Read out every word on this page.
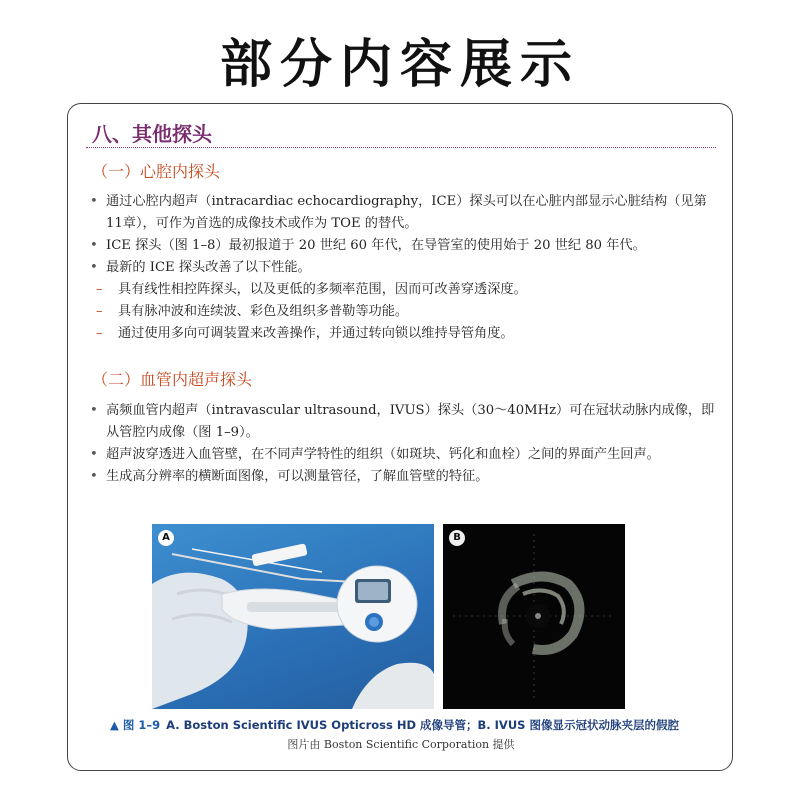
部分内容展示
八、其他探头
（一）心腔内探头
• 通过心腔内超声（intracardiac echocardiography，ICE）探头可以在心脏内部显示心脏结构（见第11章），可作为首选的成像技术或作为 TOE 的替代。
• ICE 探头（图 1–8）最初报道于 20 世纪 60 年代，在导管室的使用始于 20 世纪 80 年代。
• 最新的 ICE 探头改善了以下性能。
– 具有线性相控阵探头，以及更低的多频率范围，因而可改善穿透深度。
– 具有脉冲波和连续波、彩色及组织多普勒等功能。
– 通过使用多向可调装置来改善操作，并通过转向锁以维持导管角度。
（二）血管内超声探头
• 高频血管内超声（intravascular ultrasound，IVUS）探头（30～40MHz）可在冠状动脉内成像，即从管腔内成像（图 1–9）。
• 超声波穿透进入血管壁，在不同声学特性的组织（如斑块、钙化和血栓）之间的界面产生回声。
• 生成高分辨率的横断面图像，可以测量管径，了解血管壁的特征。
A	B
▲ 图 1–9 A. Boston Scientific IVUS Opticross HD 成像导管；B. IVUS 图像显示冠状动脉夹层的假腔
图片由 Boston Scientific Corporation 提供
